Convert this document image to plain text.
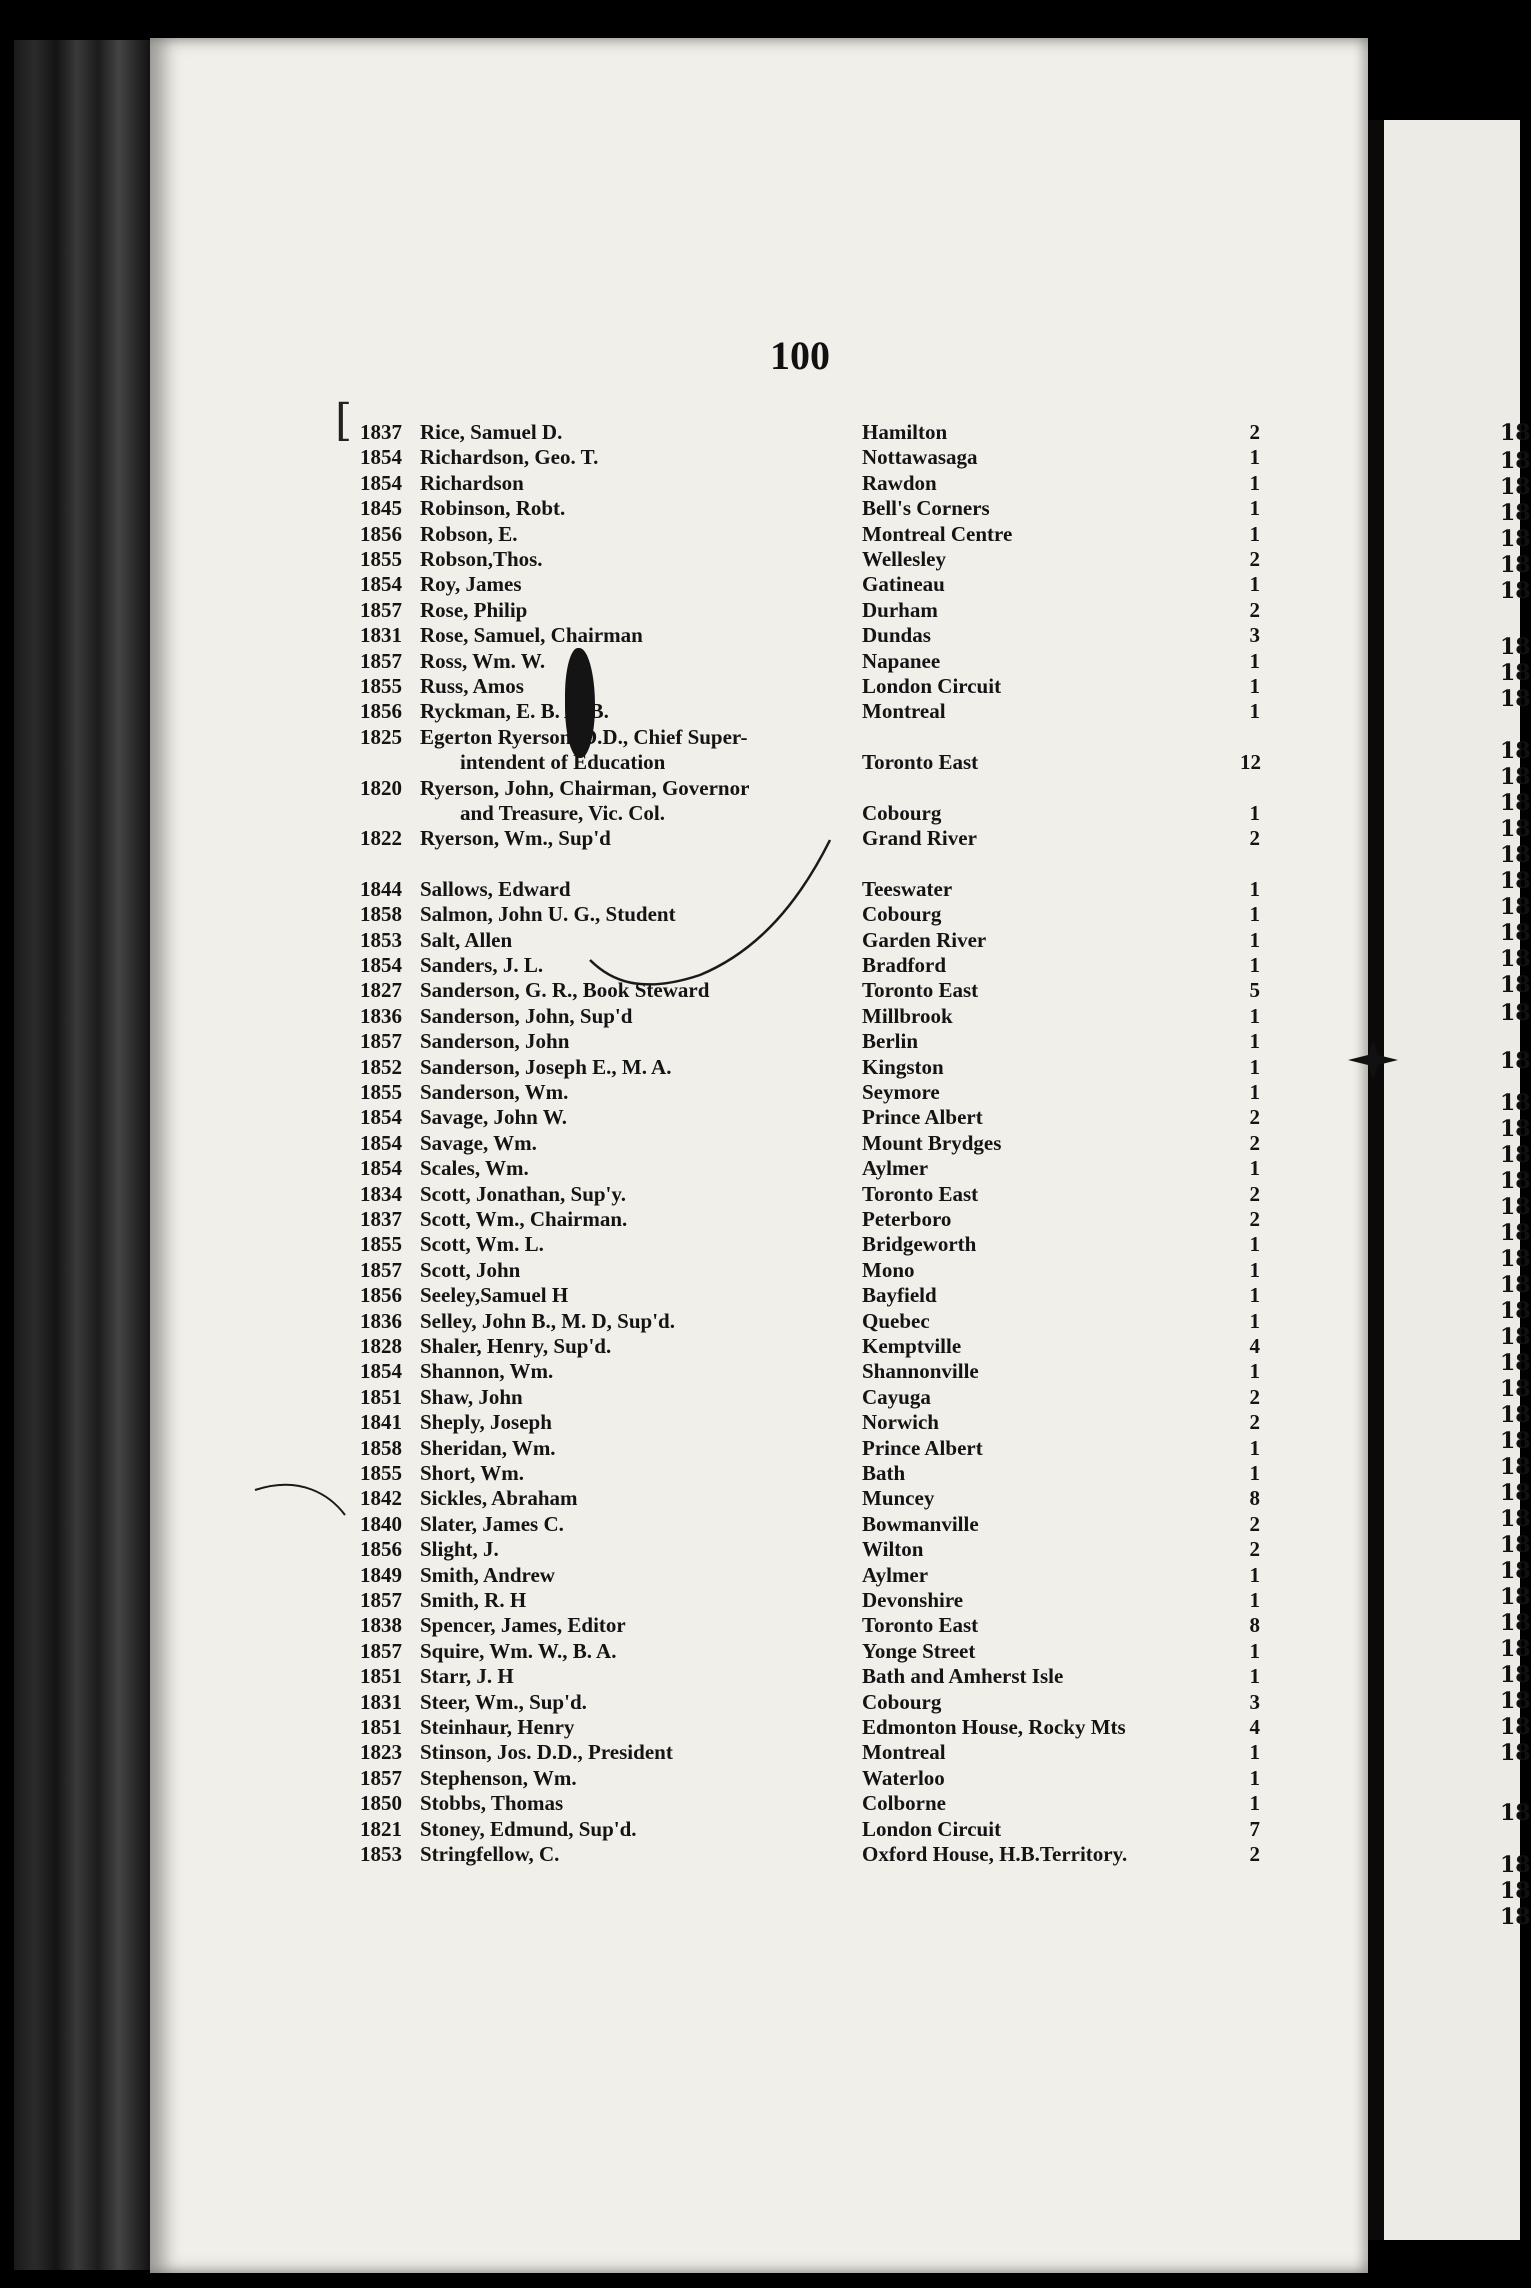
18
18
18
18
18
18
18
18
18
18
18
18
18
18
18
18
18
18
18
18
18
18
18
18
18
18
18
18
18
18
18
18
18
18
18
18
18
18
18
18
18
18
18
18
18
18
18
18
18
18
18
18
100
[ 1837 Rice, Samuel D.	Hamilton	2
1854 Richardson, Geo. T.	Nottawasaga	1
1854 Richardson	Rawdon	1
1845 Robinson, Robt.	Bell's Corners	1
1856 Robson, E.	Montreal Centre	1
1855 Robson,Thos.	Wellesley	2
1854 Roy, James	Gatineau	1
1857 Rose, Philip	Durham	2
1831 Rose, Samuel, Chairman	Dundas	3
1857 Ross, Wm. W.	Napanee	1
1855 Russ, Amos	London Circuit	1
1856 Ryckman, E. B. A. B.	Montreal	1
1825 Egerton Ryerson, D.D., Chief Super-
intendent of Education	Toronto East	12
1820 Ryerson, John, Chairman, Governor
and Treasure, Vic. Col.	Cobourg	1
1822 Ryerson, Wm., Sup'd	Grand River	2
1844 Sallows, Edward	Teeswater	1
1858 Salmon, John U. G., Student	Cobourg	1
1853 Salt, Allen	Garden River	1
1854 Sanders, J. L.	Bradford	1
1827 Sanderson, G. R., Book Steward	Toronto East	5
1836 Sanderson, John, Sup'd	Millbrook	1
1857 Sanderson, John	Berlin	1
1852 Sanderson, Joseph E., M. A.	Kingston	1
1855 Sanderson, Wm.	Seymore	1
1854 Savage, John W.	Prince Albert	2
1854 Savage, Wm.	Mount Brydges	2
1854 Scales, Wm.	Aylmer	1
1834 Scott, Jonathan, Sup'y.	Toronto East	2
1837 Scott, Wm., Chairman.	Peterboro	2
1855 Scott, Wm. L.	Bridgeworth	1
1857 Scott, John	Mono	1
1856 Seeley,Samuel H	Bayfield	1
1836 Selley, John B., M. D, Sup'd.	Quebec	1
1828 Shaler, Henry, Sup'd.	Kemptville	4
1854 Shannon, Wm.	Shannonville	1
1851 Shaw, John	Cayuga	2
1841 Sheply, Joseph	Norwich	2
1858 Sheridan, Wm.	Prince Albert	1
1855 Short, Wm.	Bath	1
1842 Sickles, Abraham	Muncey	8
1840 Slater, James C.	Bowmanville	2
1856 Slight, J.	Wilton	2
1849 Smith, Andrew	Aylmer	1
1857 Smith, R. H	Devonshire	1
1838 Spencer, James, Editor	Toronto East	8
1857 Squire, Wm. W., B. A.	Yonge Street	1
1851 Starr, J. H	Bath and Amherst Isle	1
1831 Steer, Wm., Sup'd.	Cobourg	3
1851 Steinhaur, Henry	Edmonton House, Rocky Mts	4
1823 Stinson, Jos. D.D., President	Montreal	1
1857 Stephenson, Wm.	Waterloo	1
1850 Stobbs, Thomas	Colborne	1
1821 Stoney, Edmund, Sup'd.	London Circuit	7
1853 Stringfellow, C.	Oxford House, H.B.Territory.	2
